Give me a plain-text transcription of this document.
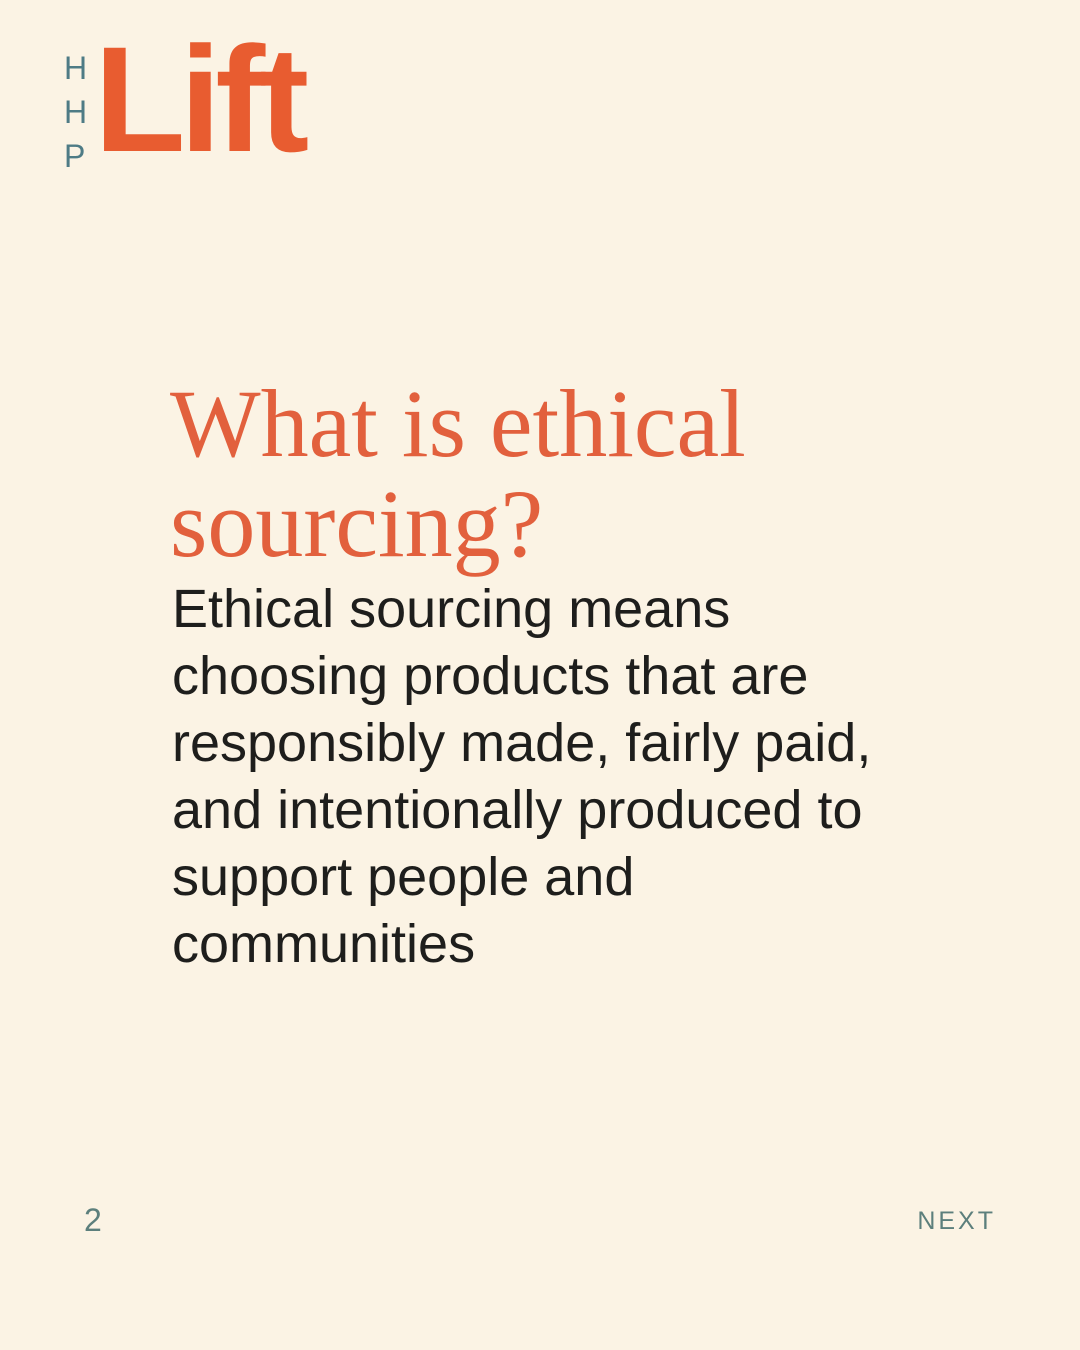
H
H
P Lift
What is ethical
sourcing?

Ethical sourcing means
choosing products that are
responsibly made, fairly paid,
and intentionally produced to
support people and
communities

2	NEXT
